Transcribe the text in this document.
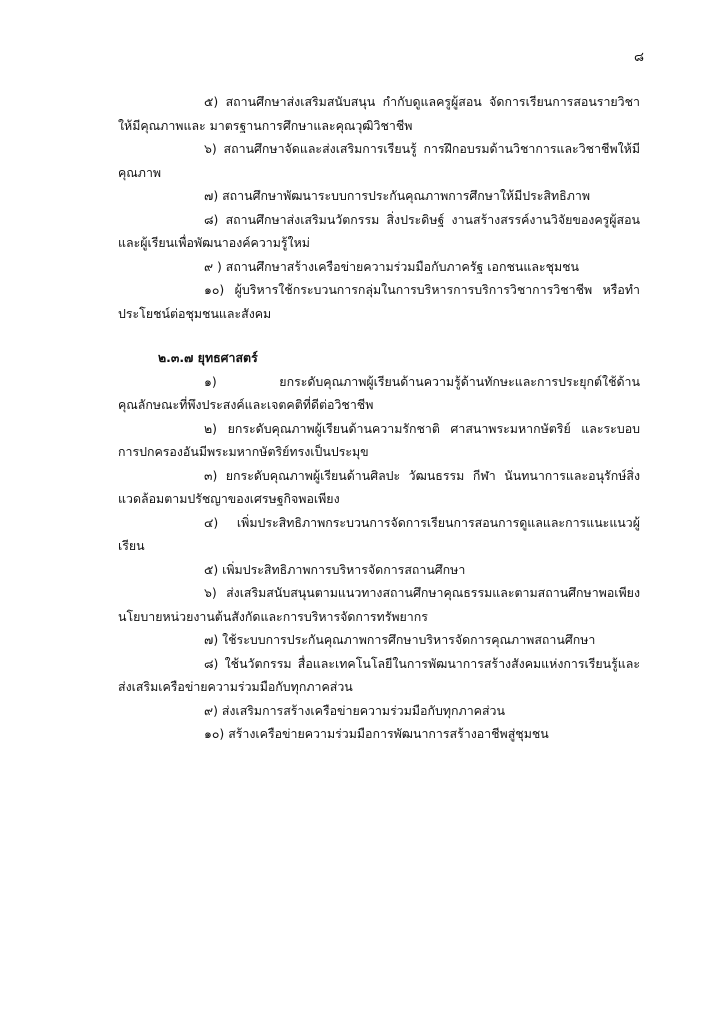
๘

๕) สถานศึกษาส่งเสริมสนับสนุน กำกับดูแลครูผู้สอน จัดการเรียนการสอนรายวิชาให้มีคุณภาพและ มาตรฐานการศึกษาและคุณวุฒิวิชาชีพ

๖) สถานศึกษาจัดและส่งเสริมการเรียนรู้ การฝึกอบรมด้านวิชาการและวิชาชีพให้มีคุณภาพ

๗) สถานศึกษาพัฒนาระบบการประกันคุณภาพการศึกษาให้มีประสิทธิภาพ

๘) สถานศึกษาส่งเสริมนวัตกรรม สิ่งประดิษฐ์ งานสร้างสรรค์งานวิจัยของครูผู้สอนและผู้เรียนเพื่อพัฒนาองค์ความรู้ใหม่

๙ ) สถานศึกษาสร้างเครือข่ายความร่วมมือกับภาครัฐ เอกชนและชุมชน

๑๐) ผู้บริหารใช้กระบวนการกลุ่มในการบริหารการบริการวิชาการวิชาชีพ หรือทำประโยชน์ต่อชุมชนและสังคม

๒.๓.๗ ยุทธศาสตร์

๑) ยกระดับคุณภาพผู้เรียนด้านความรู้ด้านทักษะและการประยุกต์ใช้ด้านคุณลักษณะที่พึงประสงค์และเจตคติที่ดีต่อวิชาชีพ

๒) ยกระดับคุณภาพผู้เรียนด้านความรักชาติ ศาสนาพระมหากษัตริย์ และระบอบการปกครองอันมีพระมหากษัตริย์ทรงเป็นประมุข

๓) ยกระดับคุณภาพผู้เรียนด้านศิลปะ วัฒนธรรม กีฬา นันทนาการและอนุรักษ์สิ่งแวดล้อมตามปรัชญาของเศรษฐกิจพอเพียง

๔) เพิ่มประสิทธิภาพกระบวนการจัดการเรียนการสอนการดูแลและการแนะแนวผู้เรียน

๕) เพิ่มประสิทธิภาพการบริหารจัดการสถานศึกษา

๖) ส่งเสริมสนับสนุนตามแนวทางสถานศึกษาคุณธรรมและตามสถานศึกษาพอเพียงนโยบายหน่วยงานต้นสังกัดและการบริหารจัดการทรัพยากร

๗) ใช้ระบบการประกันคุณภาพการศึกษาบริหารจัดการคุณภาพสถานศึกษา

๘) ใช้นวัตกรรม สื่อและเทคโนโลยีในการพัฒนาการสร้างสังคมแห่งการเรียนรู้และส่งเสริมเครือข่ายความร่วมมือกับทุกภาคส่วน

๙) ส่งเสริมการสร้างเครือข่ายความร่วมมือกับทุกภาคส่วน

๑๐) สร้างเครือข่ายความร่วมมือการพัฒนาการสร้างอาชีพสู่ชุมชน
